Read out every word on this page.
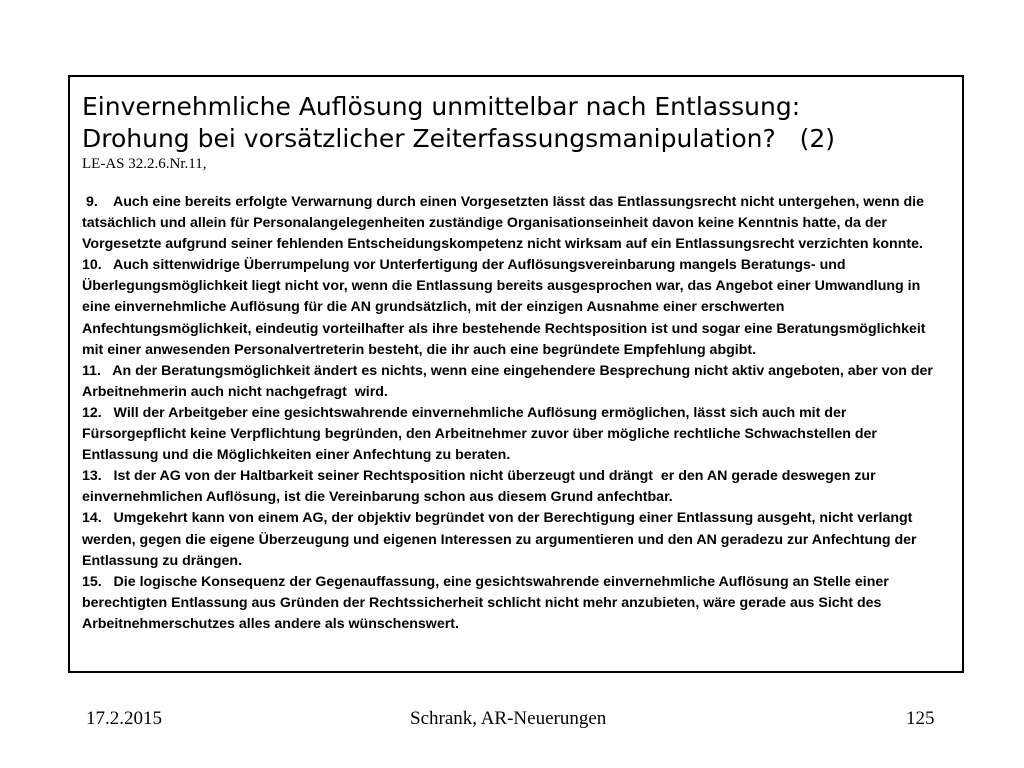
Einvernehmliche Auflösung unmittelbar nach Entlassung:
Drohung bei vorsätzlicher Zeiterfassungsmanipulation?   (2)

LE-AS 32.2.6.Nr.11,

9.    Auch eine bereits erfolgte Verwarnung durch einen Vorgesetzten lässt das Entlassungsrecht nicht untergehen, wenn die tatsächlich und allein für Personalangelegenheiten zuständige Organisationseinheit davon keine Kenntnis hatte, da der Vorgesetzte aufgrund seiner fehlenden Entscheidungskompetenz nicht wirksam auf ein Entlassungsrecht verzichten konnte.
10.   Auch sittenwidrige Überrumpelung vor Unterfertigung der Auflösungsvereinbarung mangels Beratungs- und Überlegungsmöglichkeit liegt nicht vor, wenn die Entlassung bereits ausgesprochen war, das Angebot einer Umwandlung in eine einvernehmliche Auflösung für die AN grundsätzlich, mit der einzigen Ausnahme einer erschwerten Anfechtungsmöglichkeit, eindeutig vorteilhafter als ihre bestehende Rechtsposition ist und sogar eine Beratungsmöglichkeit mit einer anwesenden Personalvertreterin besteht, die ihr auch eine begründete Empfehlung abgibt.
11.   An der Beratungsmöglichkeit ändert es nichts, wenn eine eingehendere Besprechung nicht aktiv angeboten, aber von der Arbeitnehmerin auch nicht nachgefragt  wird.
12.   Will der Arbeitgeber eine gesichtswahrende einvernehmliche Auflösung ermöglichen, lässt sich auch mit der Fürsorgepflicht keine Verpflichtung begründen, den Arbeitnehmer zuvor über mögliche rechtliche Schwachstellen der Entlassung und die Möglichkeiten einer Anfechtung zu beraten.
13.   Ist der AG von der Haltbarkeit seiner Rechtsposition nicht überzeugt und drängt  er den AN gerade deswegen zur einvernehmlichen Auflösung, ist die Vereinbarung schon aus diesem Grund anfechtbar.
14.   Umgekehrt kann von einem AG, der objektiv begründet von der Berechtigung einer Entlassung ausgeht, nicht verlangt werden, gegen die eigene Überzeugung und eigenen Interessen zu argumentieren und den AN geradezu zur Anfechtung der Entlassung zu drängen.
15.   Die logische Konsequenz der Gegenauffassung, eine gesichtswahrende einvernehmliche Auflösung an Stelle einer berechtigten Entlassung aus Gründen der Rechtssicherheit schlicht nicht mehr anzubieten, wäre gerade aus Sicht des Arbeitnehmerschutzes alles andere als wünschenswert.
17.2.2015	Schrank, AR-Neuerungen	125
